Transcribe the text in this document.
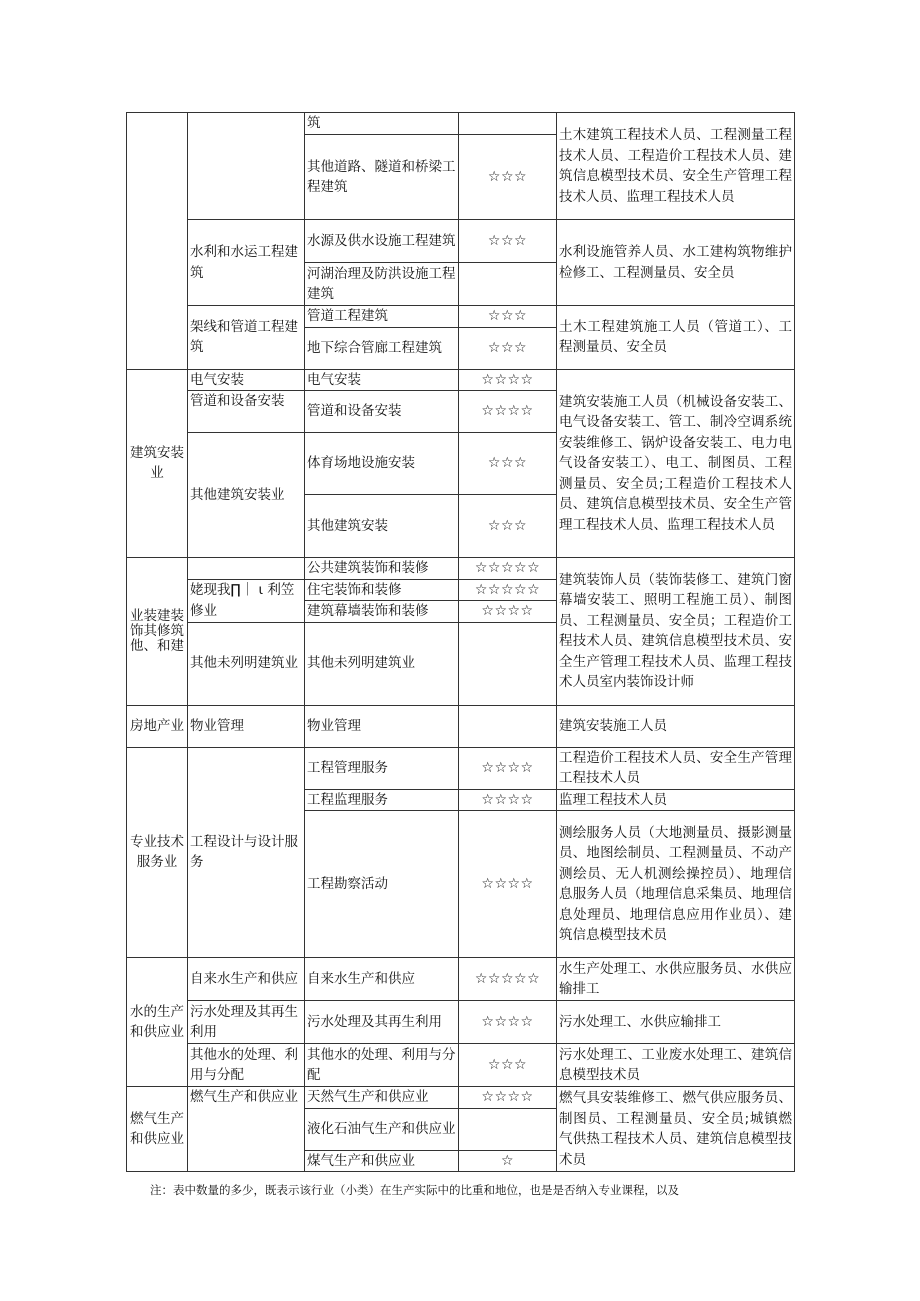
		筑		土木建筑工程技术人员、工程测量工程技术人员、工程造价工程技术人员、建筑信息模型技术员、安全生产管理工程技术人员、监理工程技术人员
		其他道路、隧道和桥梁工程建筑	☆☆☆	
	水利和水运工程建筑	水源及供水设施工程建筑	☆☆☆	水利设施管养人员、水工建构筑物维护检修工、工程测量员、安全员
		河湖治理及防洪设施工程建筑		
	架线和管道工程建筑	管道工程建筑	☆☆☆	土木工程建筑施工人员（管道工）、工程测量员、安全员
		地下综合管廊工程建筑	☆☆☆	
建筑安装业	电气安装	电气安装	☆☆☆☆	建筑安装施工人员（机械设备安装工、电气设备安装工、管工、制冷空调系统安装维修工、锅炉设备安装工、电力电气设备安装工）、电工、制图员、工程测量员、安全员;工程造价工程技术人员、建筑信息模型技术员、安全生产管理工程技术人员、监理工程技术人员
	管道和设备安装	管道和设备安装	☆☆☆☆	
	其他建筑安装业	体育场地设施安装	☆☆☆	
		其他建筑安装	☆☆☆	
业装建装饰其修筑他、和建		公共建筑装饰和装修	☆☆☆☆☆	建筑装饰人员（装饰装修工、建筑门窗幕墙安装工、照明工程施工员）、制图员、工程测量员、安全员；工程造价工程技术人员、建筑信息模型技术员、安全生产管理工程技术人员、监理工程技术人员室内装饰设计师
	姥现我∏｜ ι 利笠修业	住宅装饰和装修	☆☆☆☆☆	
		建筑幕墙装饰和装修	☆☆☆☆	
	其他未列明建筑业	其他未列明建筑业		
房地产业	物业管理	物业管理		建筑安装施工人员
专业技术服务业	工程设计与设计服务	工程管理服务	☆☆☆☆	工程造价工程技术人员、安全生产管理工程技术人员
		工程监理服务	☆☆☆☆	监理工程技术人员
		工程勘察活动	☆☆☆☆	测绘服务人员（大地测量员、摄影测量员、地图绘制员、工程测量员、不动产测绘员、无人机测绘操控员）、地理信息服务人员（地理信息采集员、地理信息处理员、地理信息应用作业员）、建筑信息模型技术员
水的生产和供应业	自来水生产和供应	自来水生产和供应	☆☆☆☆☆	水生产处理工、水供应服务员、水供应输排工
	污水处理及其再生利用	污水处理及其再生利用	☆☆☆☆	污水处理工、水供应输排工
	其他水的处理、利用与分配	其他水的处理、利用与分配	☆☆☆	污水处理工、工业废水处理工、建筑信息模型技术员
燃气生产和供应业	燃气生产和供应业	天然气生产和供应业	☆☆☆☆	燃气具安装维修工、燃气供应服务员、制图员、工程测量员、安全员;城镇燃气供热工程技术人员、建筑信息模型技术员
		液化石油气生产和供应业		
		煤气生产和供应业	☆	
注：表中数量的多少，既表示该行业（小类）在生产实际中的比重和地位，也是是否纳入专业课程，以及
